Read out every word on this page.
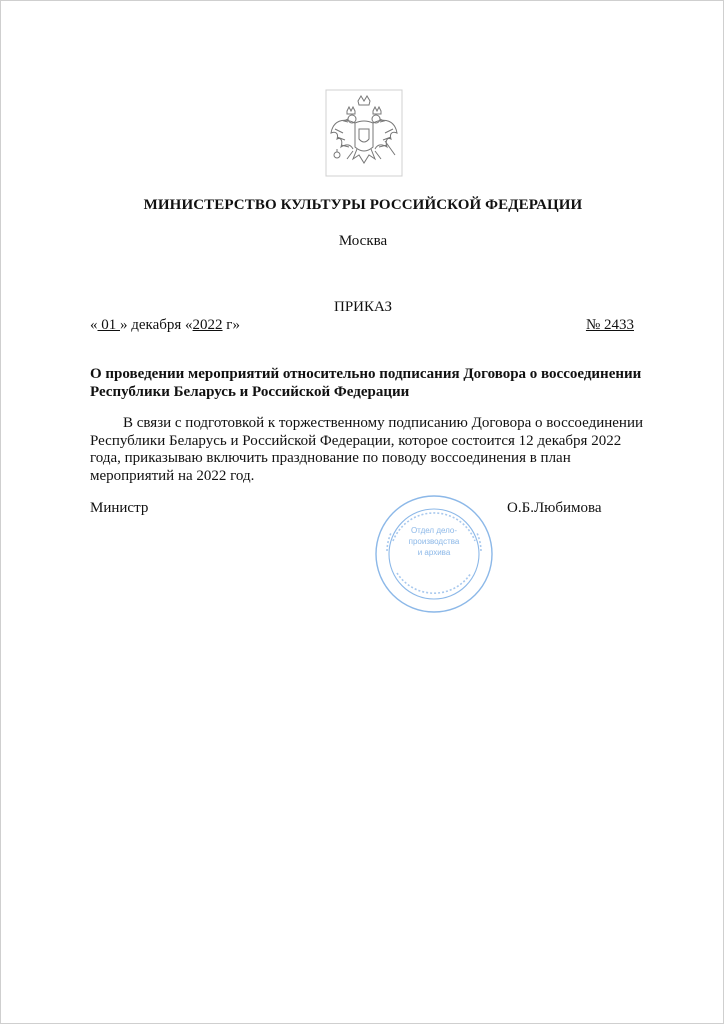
МИНИСТЕРСТВО КУЛЬТУРЫ РОССИЙСКОЙ ФЕДЕРАЦИИ
Москва
ПРИКАЗ
« 01 » декабря «2022 г»	№ 2433
О проведении мероприятий относительно подписания Договора о воссоединении Республики Беларусь и Российской Федерации
В связи с подготовкой к торжественному подписанию Договора о воссоединении Республики Беларусь и Российской Федерации, которое состоится 12 декабря 2022 года, приказываю включить празднование по поводу воссоединения в план мероприятий на 2022 год.
Министр
Отдел дело-
производства
и архива
О.Б.Любимова
